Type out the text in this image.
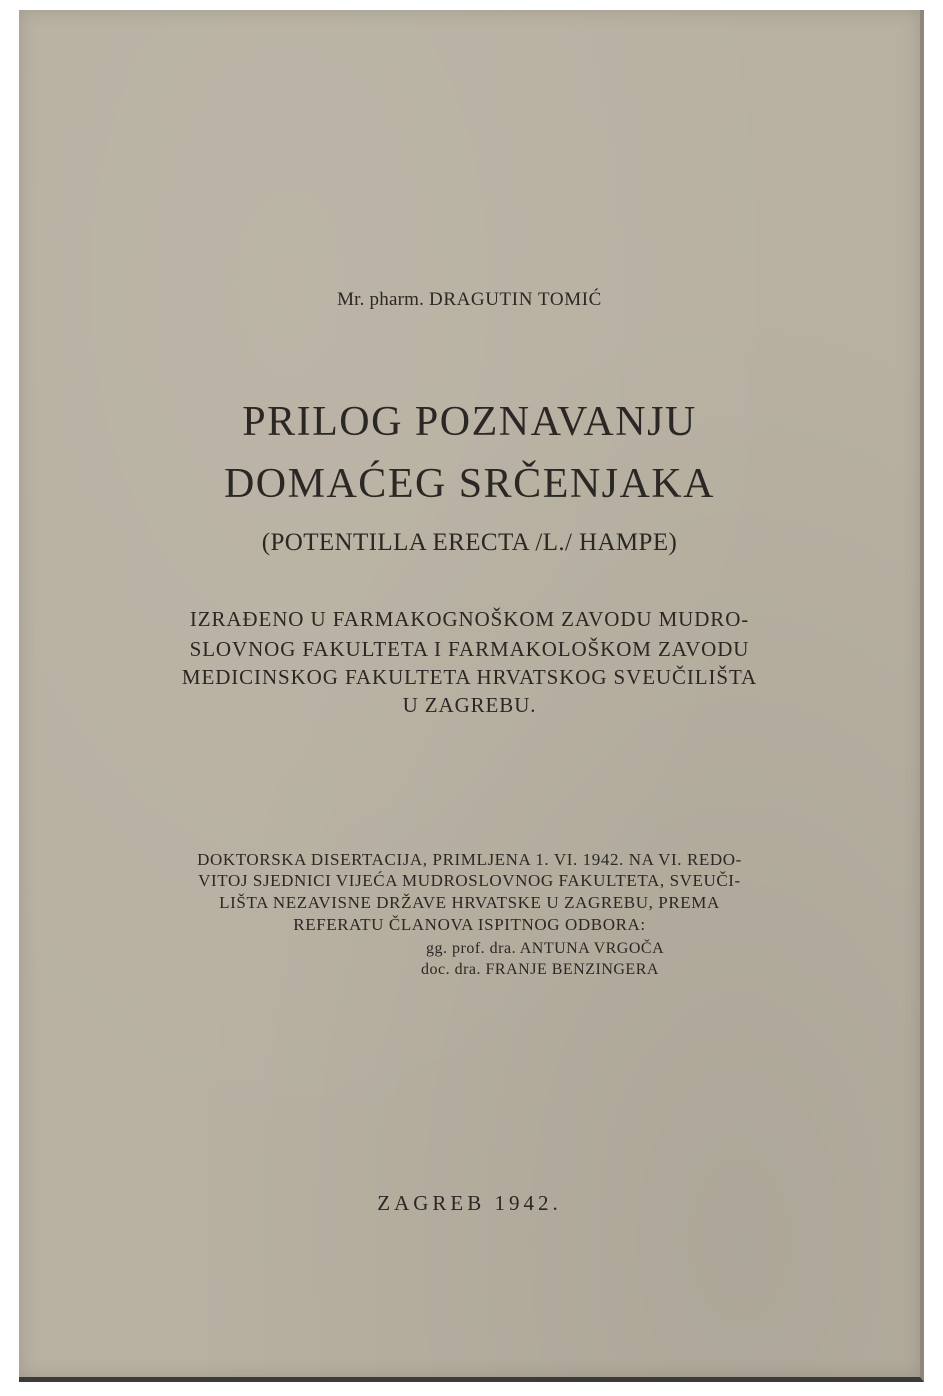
Mr. pharm. DRAGUTIN TOMIĆ
PRILOG POZNAVANJU
DOMAĆEG SRČENJAKA
(POTENTILLA ERECTA /L./ HAMPE)
IZRAĐENO U FARMAKOGNOŠKOM ZAVODU MUDRO-
SLOVNOG FAKULTETA I FARMAKOLOŠKOM ZAVODU
MEDICINSKOG FAKULTETA HRVATSKOG SVEUČILIŠTA
U ZAGREBU.
DOKTORSKA DISERTACIJA, PRIMLJENA 1. VI. 1942. NA VI. REDO-
VITOJ SJEDNICI VIJEĆA MUDROSLOVNOG FAKULTETA, SVEUČI-
LIŠTA NEZAVISNE DRŽAVE HRVATSKE U ZAGREBU, PREMA
REFERATU ČLANOVA ISPITNOG ODBORA:
gg. prof. dra. ANTUNA VRGOČA
doc. dra. FRANJE BENZINGERA
ZAGREB 1942.
